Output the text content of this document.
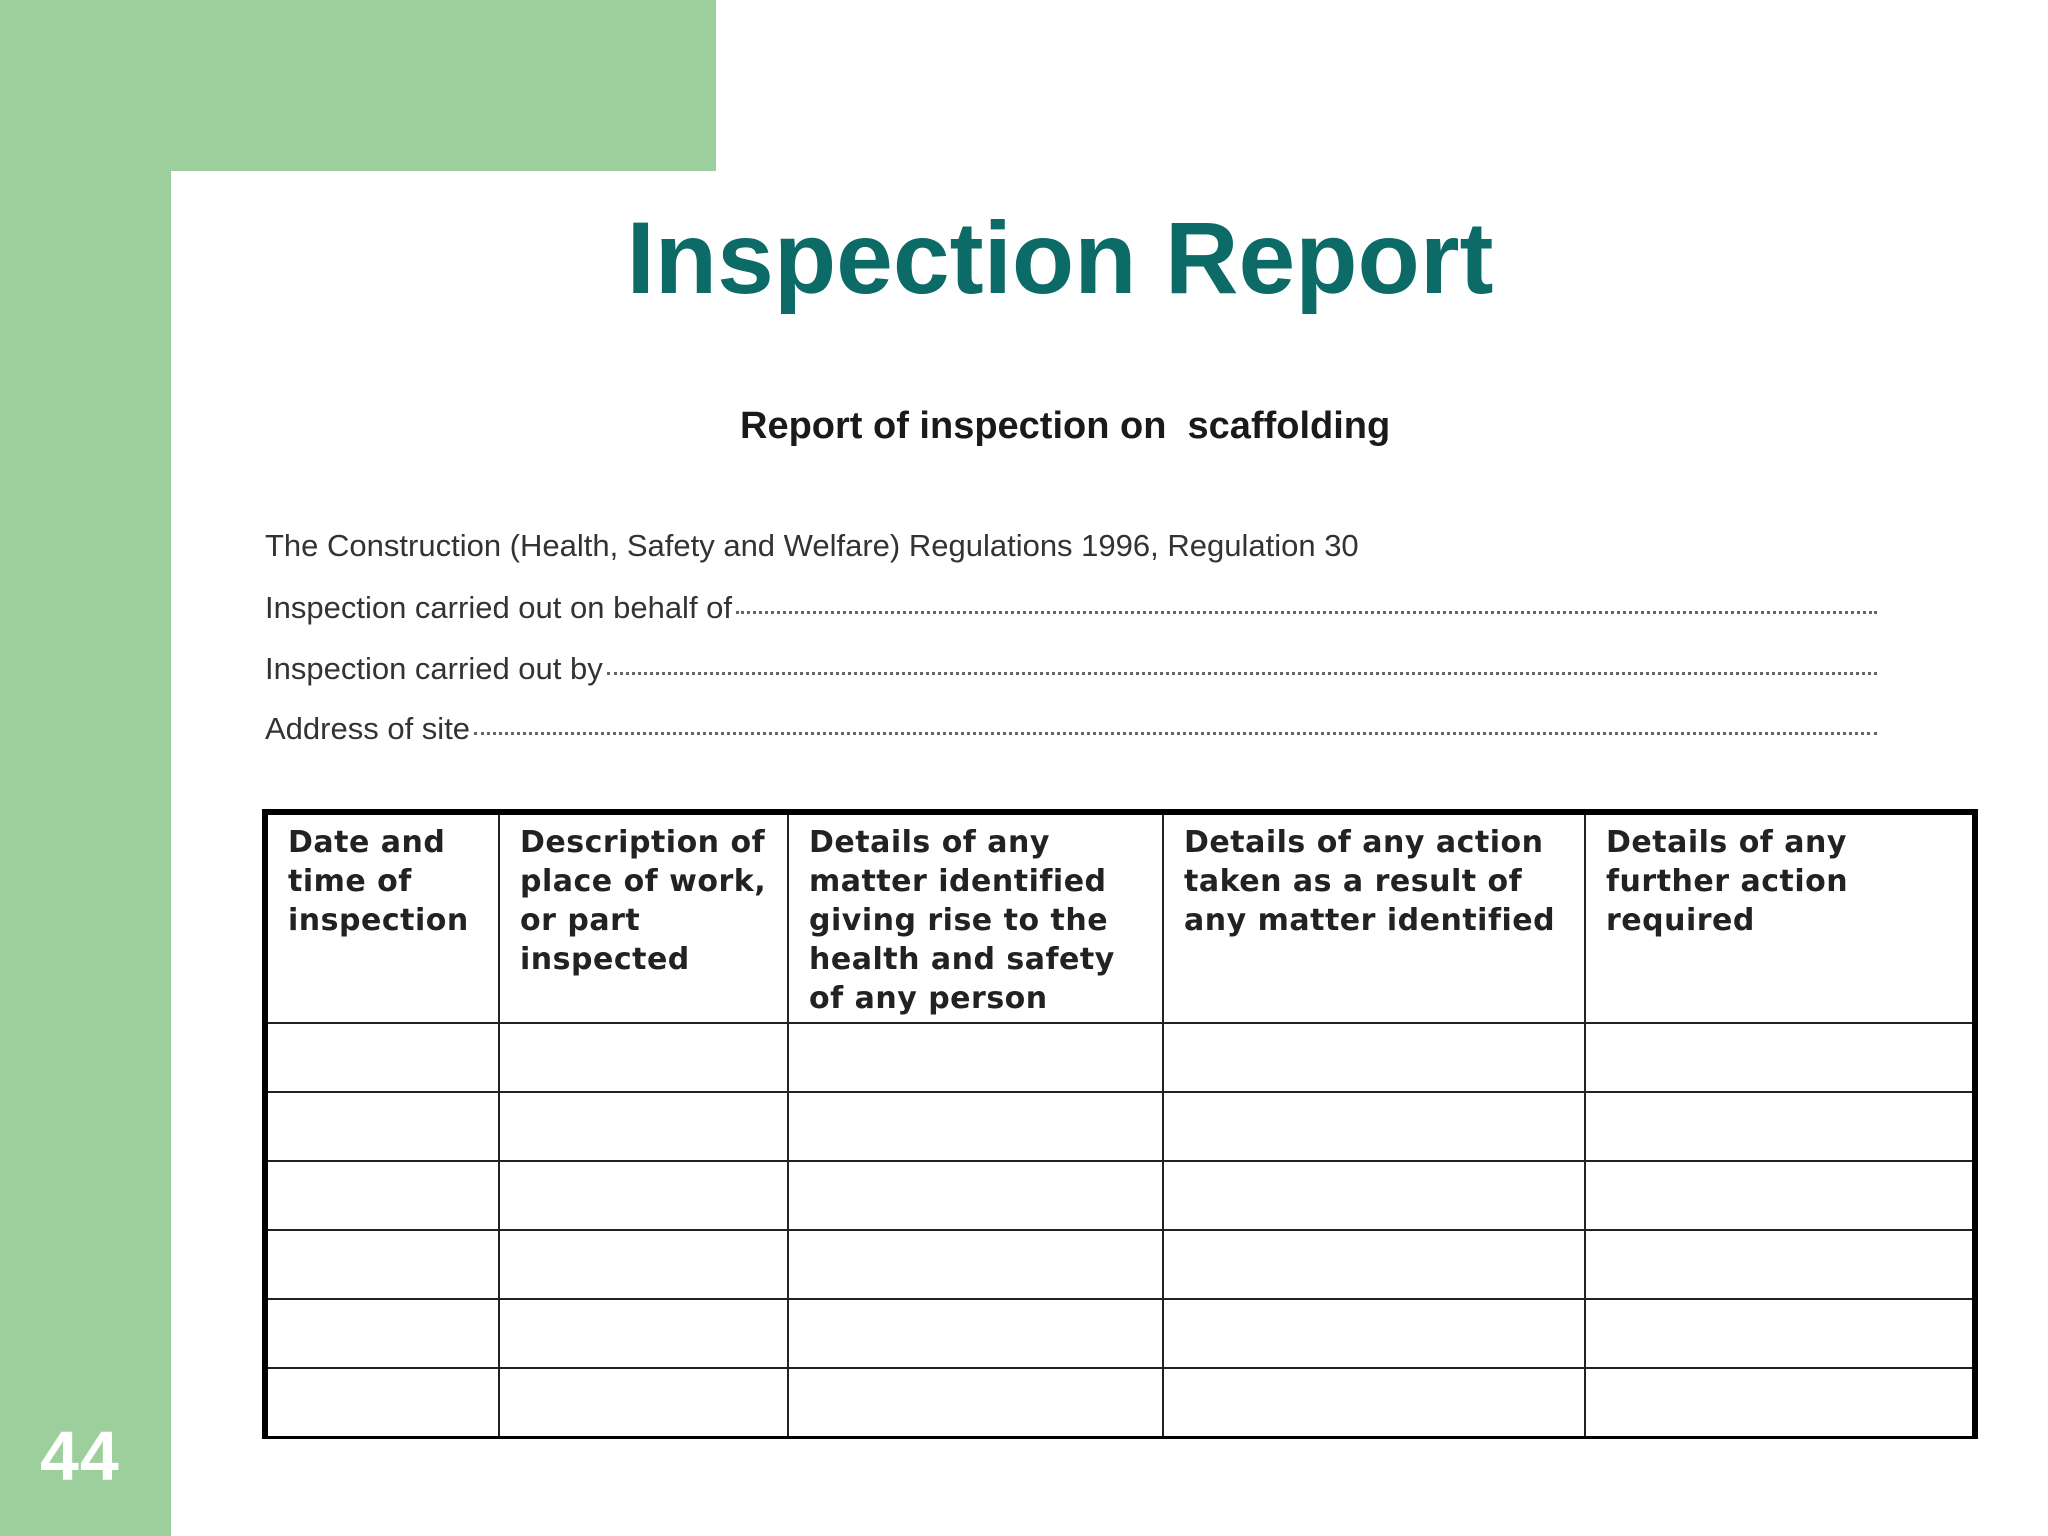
44
Inspection Report
Report of inspection on  scaffolding
The Construction (Health, Safety and Welfare) Regulations 1996, Regulation 30
Inspection carried out on behalf of
Inspection carried out by
Address of site
Date and time of inspection	Description of place of work, or part inspected	Details of any matter identified giving rise to the health and safety of any person	Details of any action taken as a result of any matter identified	Details of any further action required
